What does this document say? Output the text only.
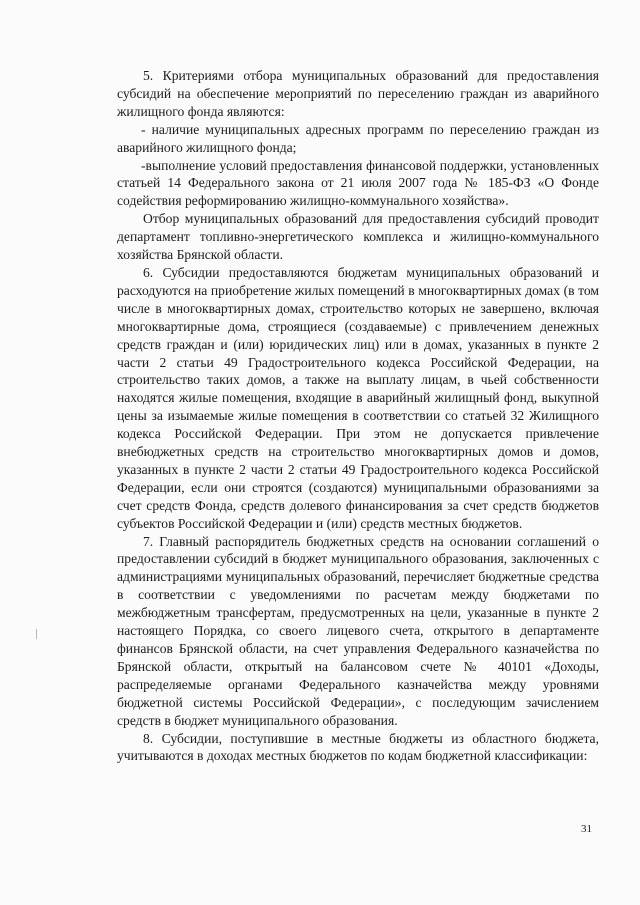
5. Критериями отбора муниципальных образований для предоставления субсидий на обеспечение мероприятий по переселению граждан из аварийного жилищного фонда являются:

- наличие муниципальных адресных программ по переселению граждан из аварийного жилищного фонда;

-выполнение условий предоставления финансовой поддержки, установленных статьей 14 Федерального закона от 21 июля 2007 года № 185-ФЗ «О Фонде содействия реформированию жилищно-коммунального хозяйства».

Отбор муниципальных образований для предоставления субсидий проводит департамент топливно-энергетического комплекса и жилищно-коммунального хозяйства Брянской области.

6. Субсидии предоставляются бюджетам муниципальных образований и расходуются на приобретение жилых помещений в многоквартирных домах (в том числе в многоквартирных домах, строительство которых не завершено, включая многоквартирные дома, строящиеся (создаваемые) с привлечением денежных средств граждан и (или) юридических лиц) или в домах, указанных в пункте 2 части 2 статьи 49 Градостроительного кодекса Российской Федерации, на строительство таких домов, а также на выплату лицам, в чьей собственности находятся жилые помещения, входящие в аварийный жилищный фонд, выкупной цены за изымаемые жилые помещения в соответствии со статьей 32 Жилищного кодекса Российской Федерации. При этом не допускается привлечение внебюджетных средств на строительство многоквартирных домов и домов, указанных в пункте 2 части 2 статьи 49 Градостроительного кодекса Российской Федерации, если они строятся (создаются) муниципальными образованиями за счет средств Фонда, средств долевого финансирования за счет средств бюджетов субъектов Российской Федерации и (или) средств местных бюджетов.

7. Главный распорядитель бюджетных средств на основании соглашений о предоставлении субсидий в бюджет муниципального образования, заключенных с администрациями муниципальных образований, перечисляет бюджетные средства в соответствии с уведомлениями по расчетам между бюджетами по межбюджетным трансфертам, предусмотренных на цели, указанные в пункте 2 настоящего Порядка, со своего лицевого счета, открытого в департаменте финансов Брянской области, на счет управления Федерального казначейства по Брянской области, открытый на балансовом счете № 40101 «Доходы, распределяемые органами Федерального казначейства между уровнями бюджетной системы Российской Федерации», с последующим зачислением средств в бюджет муниципального образования.

8. Субсидии, поступившие в местные бюджеты из областного бюджета, учитываются в доходах местных бюджетов по кодам бюджетной классификации:

31
